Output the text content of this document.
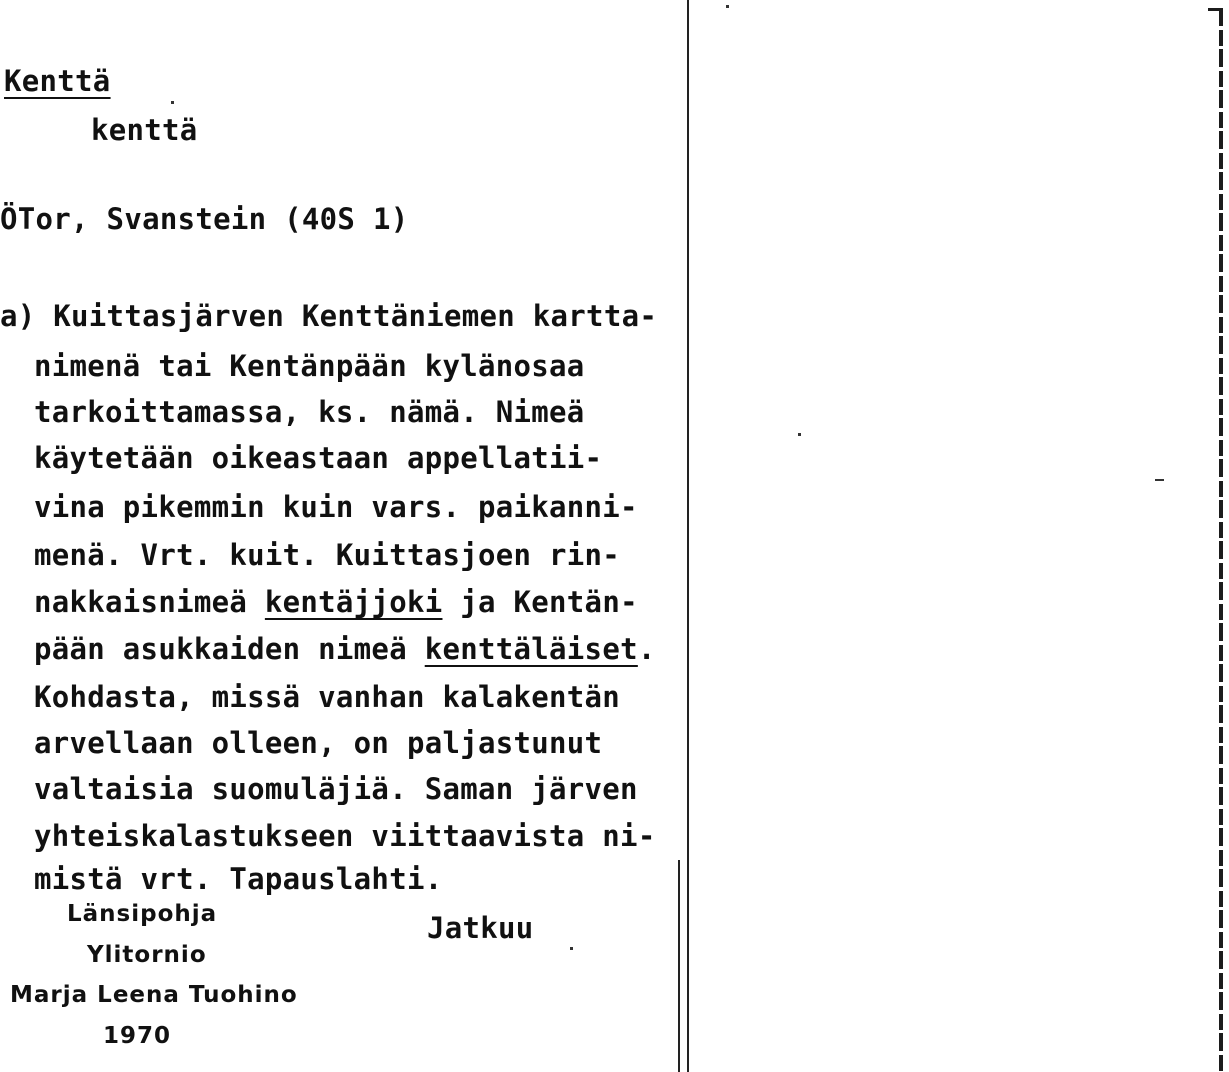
Kenttä

kenttä

ÖTor, Svanstein (40S 1)

a) Kuittasjärven Kenttäniemen kartta-

nimenä tai Kentänpään kylänosaa

tarkoittamassa, ks. nämä. Nimeä

käytetään oikeastaan appellatii-

vina pikemmin kuin vars. paikanni-

menä. Vrt. kuit. Kuittasjoen rin-

nakkaisnimeä kentäjjoki ja Kentän-

pään asukkaiden nimeä kenttäläiset.

Kohdasta, missä vanhan kalakentän

arvellaan olleen, on paljastunut

valtaisia suomuläjiä. Saman järven

yhteiskalastukseen viittaavista ni-

mistä vrt. Tapauslahti.

Jatkuu

Länsipohja

Ylitornio

Marja Leena Tuohino

1970
